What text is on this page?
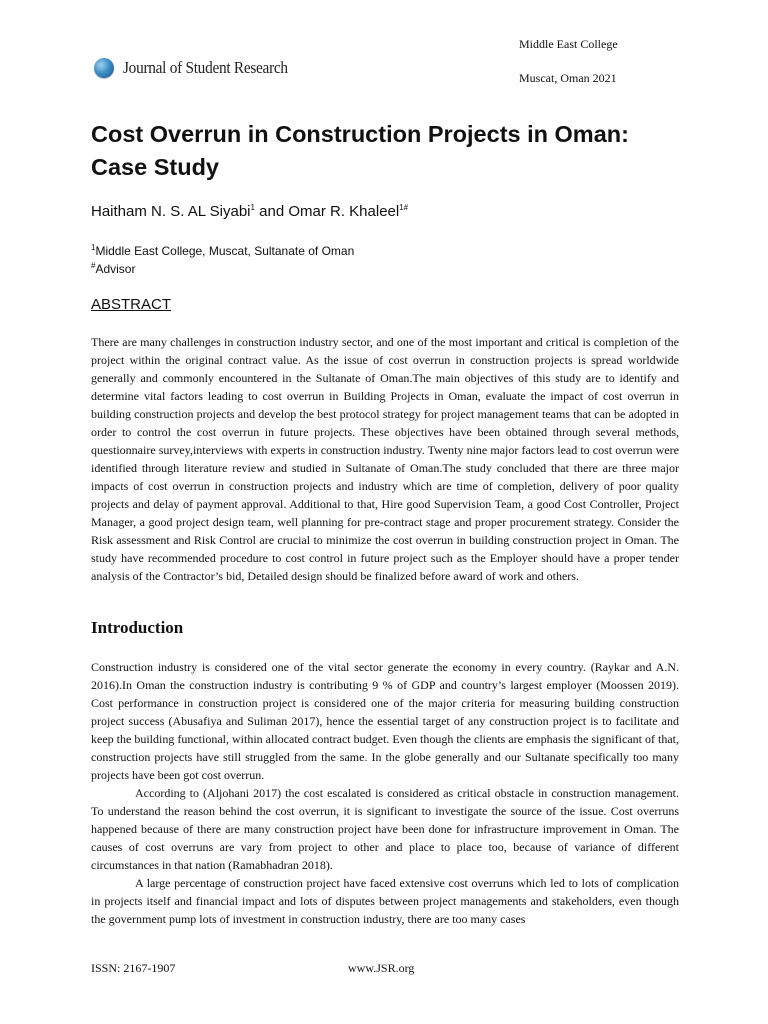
Journal of Student Research
Middle East College
Muscat, Oman 2021
Cost Overrun in Construction Projects in Oman: Case Study
Haitham N. S. AL Siyabi$^1$ and Omar R. Khaleel$^{1\#}$
$^1$Middle East College, Muscat, Sultanate of Oman
#Advisor
ABSTRACT

There are many challenges in construction industry sector, and one of the most important and critical is completion of the project within the original contract value. As the issue of cost overrun in construction projects is spread worldwide generally and commonly encountered in the Sultanate of Oman.The main objectives of this study are to identify and determine vital factors leading to cost overrun in Building Projects in Oman, evaluate the impact of cost overrun in building construction projects and develop the best protocol strategy for project management teams that can be adopted in order to control the cost overrun in future projects. These objectives have been obtained through several methods, questionnaire survey,interviews with experts in construction industry. Twenty nine major factors lead to cost overrun were identified through literature review and studied in Sultanate of Oman.The study concluded that there are three major impacts of cost overrun in construction projects and industry which are time of completion, delivery of poor quality projects and delay of payment approval. Additional to that, Hire good Supervision Team, a good Cost Controller, Project Manager, a good project design team, well planning for pre-contract stage and proper procurement strategy. Consider the Risk assessment and Risk Control are crucial to minimize the cost overrun in building construction project in Oman. The study have recommended procedure to cost control in future project such as the Employer should have a proper tender analysis of the Contractor’s bid, Detailed design should be finalized before award of work and others.

Introduction

Construction industry is considered one of the vital sector generate the economy in every country. (Raykar and A.N. 2016).In Oman the construction industry is contributing 9 % of GDP and country’s largest employer (Moossen 2019). Cost performance in construction project is considered one of the major criteria for measuring building construction project success (Abusafiya and Suliman 2017), hence the essential target of any construction project is to facilitate and keep the building functional, within allocated contract budget. Even though the clients are emphasis the significant of that, construction projects have still struggled from the same. In the globe generally and our Sultanate specifically too many projects have been got cost overrun.

According to (Aljohani 2017) the cost escalated is considered as critical obstacle in construction management. To understand the reason behind the cost overrun, it is significant to investigate the source of the issue. Cost overruns happened because of there are many construction project have been done for infrastructure improvement in Oman. The causes of cost overruns are vary from project to other and place to place too, because of variance of different circumstances in that nation (Ramabhadran 2018).

A large percentage of construction project have faced extensive cost overruns which led to lots of complication in projects itself and financial impact and lots of disputes between project managements and stakeholders, even though the government pump lots of investment in construction industry, there are too many cases

ISSN: 2167-1907	www.JSR.org
